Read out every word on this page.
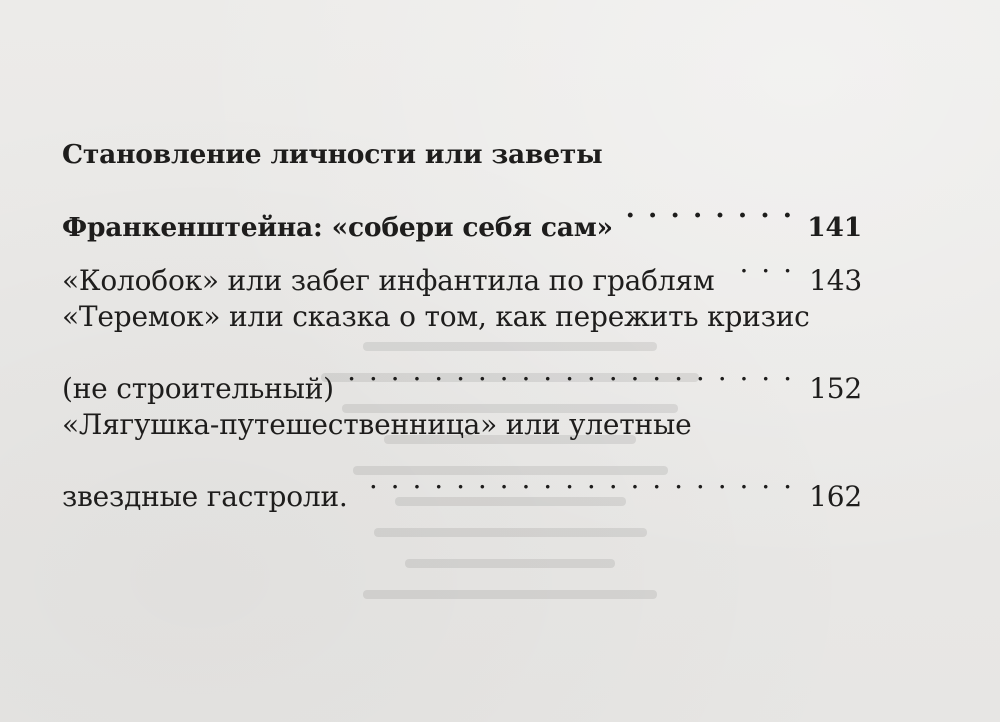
Становление личности или заветы
Франкенштейна: «собери себя сам» . . .	141
«Колобок» или забег инфантила по граблям . . .	143
«Теремок» или сказка о том, как пережить кризис
(не строительный) . . .	152
«Лягушка-путешественница» или улетные
звездные гастроли. . . .	162
